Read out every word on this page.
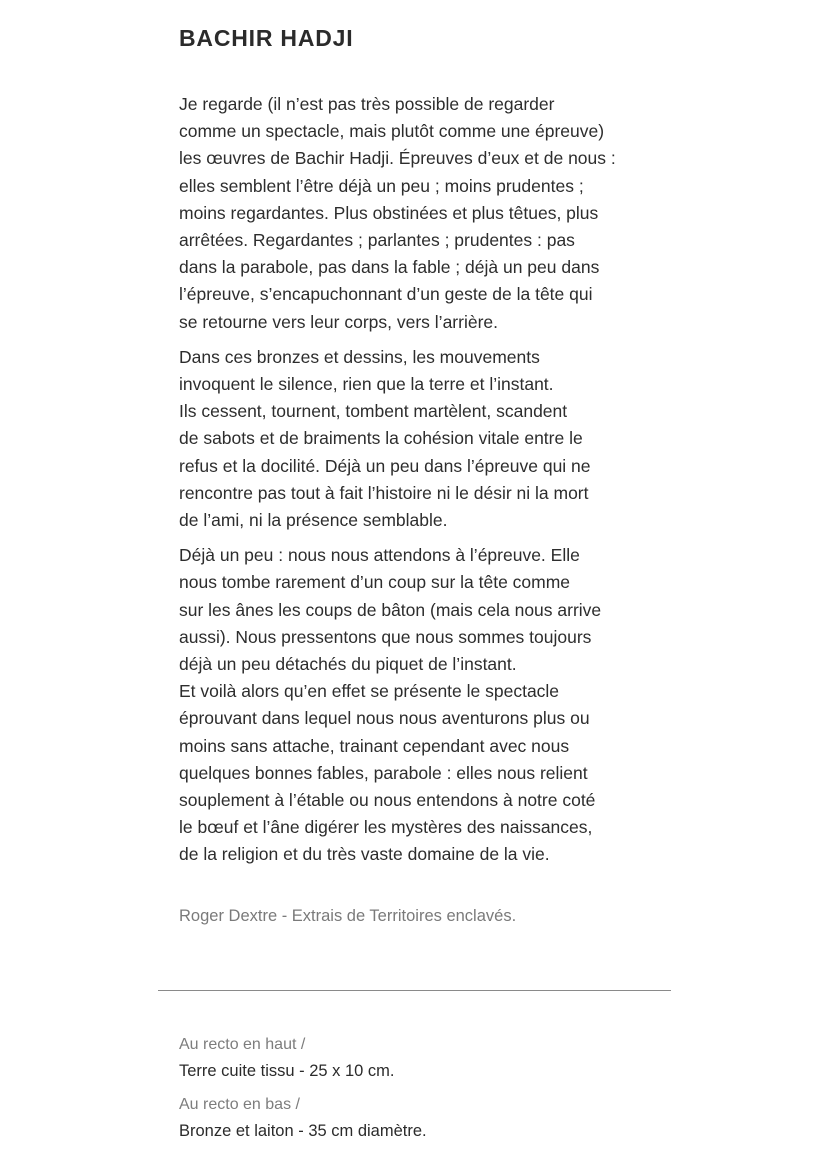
BACHIR HADJI

Je regarde (il n’est pas très possible de regarder
comme un spectacle, mais plutôt comme une épreuve)
les œuvres de Bachir Hadji. Épreuves d’eux et de nous :
elles semblent l’être déjà un peu ; moins prudentes ;
moins regardantes. Plus obstinées et plus têtues, plus
arrêtées. Regardantes ; parlantes ; prudentes : pas
dans la parabole, pas dans la fable ; déjà un peu dans
l’épreuve, s’encapuchonnant d’un geste de la tête qui
se retourne vers leur corps, vers l’arrière.

Dans ces bronzes et dessins, les mouvements
invoquent le silence, rien que la terre et l’instant.
Ils cessent, tournent, tombent martèlent, scandent
de sabots et de braiments la cohésion vitale entre le
refus et la docilité. Déjà un peu dans l’épreuve qui ne
rencontre pas tout à fait l’histoire ni le désir ni la mort
de l’ami, ni la présence semblable.

Déjà un peu : nous nous attendons à l’épreuve. Elle
nous tombe rarement d’un coup sur la tête comme
sur les ânes les coups de bâton (mais cela nous arrive
aussi). Nous pressentons que nous sommes toujours
déjà un peu détachés du piquet de l’instant.
Et voilà alors qu’en effet se présente le spectacle
éprouvant dans lequel nous nous aventurons plus ou
moins sans attache, trainant cependant avec nous
quelques bonnes fables, parabole : elles nous relient
souplement à l’étable ou nous entendons à notre coté
le bœuf et l’âne digérer les mystères des naissances,
de la religion et du très vaste domaine de la vie.

Roger Dextre - Extrais de Territoires enclavés.

Au recto en haut /

Terre cuite tissu - 25 x 10 cm.

Au recto en bas /

Bronze et laiton - 35 cm diamètre.
